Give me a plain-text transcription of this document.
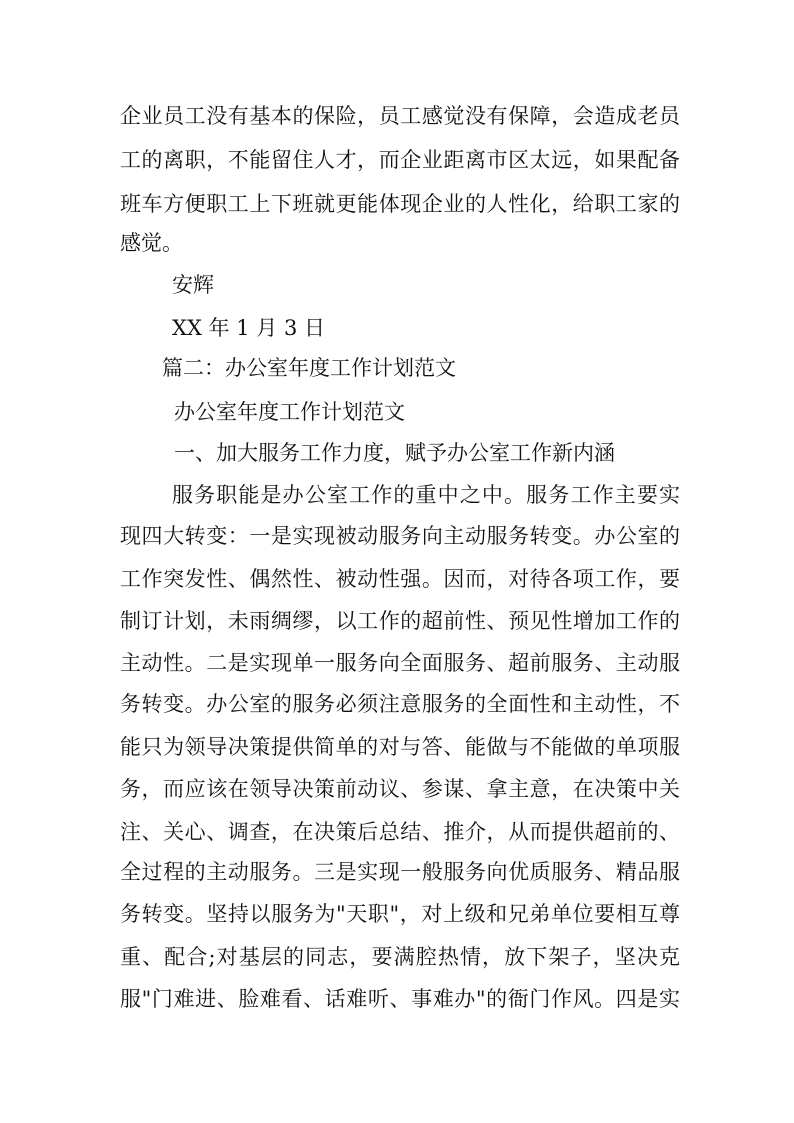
企业员工没有基本的保险，员工感觉没有保障，会造成老员
工的离职，不能留住人才，而企业距离市区太远，如果配备
班车方便职工上下班就更能体现企业的人性化，给职工家的
感觉。
安辉
XX 年 1 月 3 日
篇二：办公室年度工作计划范文
办公室年度工作计划范文
一、加大服务工作力度，赋予办公室工作新内涵
服务职能是办公室工作的重中之中。服务工作主要实
现四大转变：一是实现被动服务向主动服务转变。办公室的
工作突发性、偶然性、被动性强。因而，对待各项工作，要
制订计划，未雨绸缪，以工作的超前性、预见性增加工作的
主动性。二是实现单一服务向全面服务、超前服务、主动服
务转变。办公室的服务必须注意服务的全面性和主动性，不
能只为领导决策提供简单的对与答、能做与不能做的单项服
务，而应该在领导决策前动议、参谋、拿主意，在决策中关
注、关心、调查，在决策后总结、推介，从而提供超前的、
全过程的主动服务。三是实现一般服务向优质服务、精品服
务转变。坚持以服务为"天职"，对上级和兄弟单位要相互尊
重、配合;对基层的同志，要满腔热情，放下架子，坚决克
服"门难进、脸难看、话难听、事难办"的衙门作风。四是实
